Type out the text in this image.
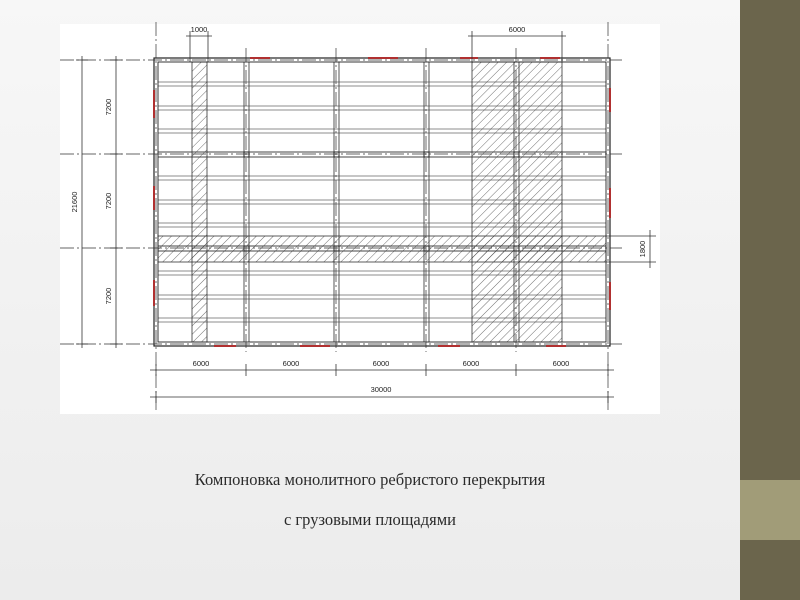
1000	6000
6000	6000	6000	6000	6000
30000
7200
7200
7200
21600
1800
Компоновка монолитного ребристого перекрытия
с грузовыми площадями
